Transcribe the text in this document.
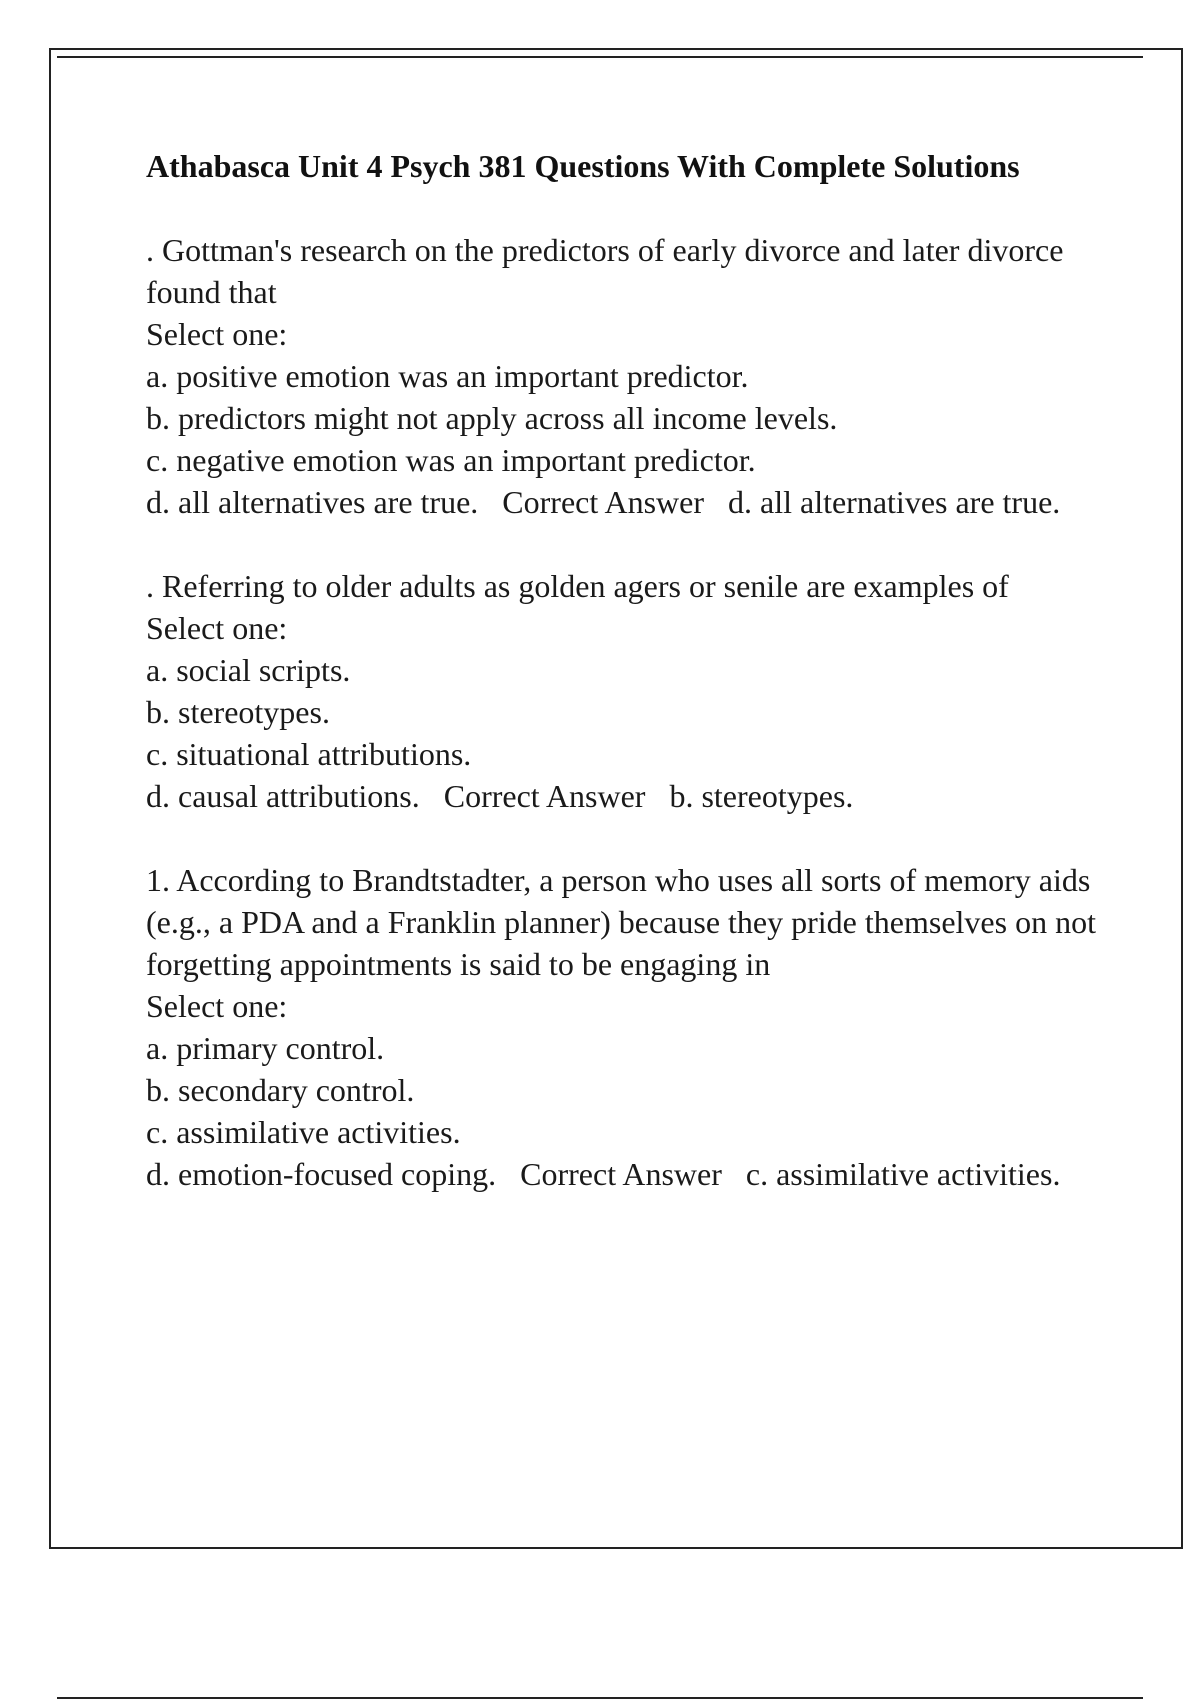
Athabasca Unit 4 Psych 381 Questions With Complete Solutions

. Gottman's research on the predictors of early divorce and later divorce found that

Select one:

a. positive emotion was an important predictor.

b. predictors might not apply across all income levels.

c. negative emotion was an important predictor.

d. all alternatives are true. Correct Answer d. all alternatives are true.

. Referring to older adults as golden agers or senile are examples of

Select one:

a. social scripts.

b. stereotypes.

c. situational attributions.

d. causal attributions. Correct Answer b. stereotypes.

1. According to Brandtstadter, a person who uses all sorts of memory aids (e.g., a PDA and a Franklin planner) because they pride themselves on not forgetting appointments is said to be engaging in

Select one:

a. primary control.

b. secondary control.

c. assimilative activities.

d. emotion-focused coping. Correct Answer c. assimilative activities.
